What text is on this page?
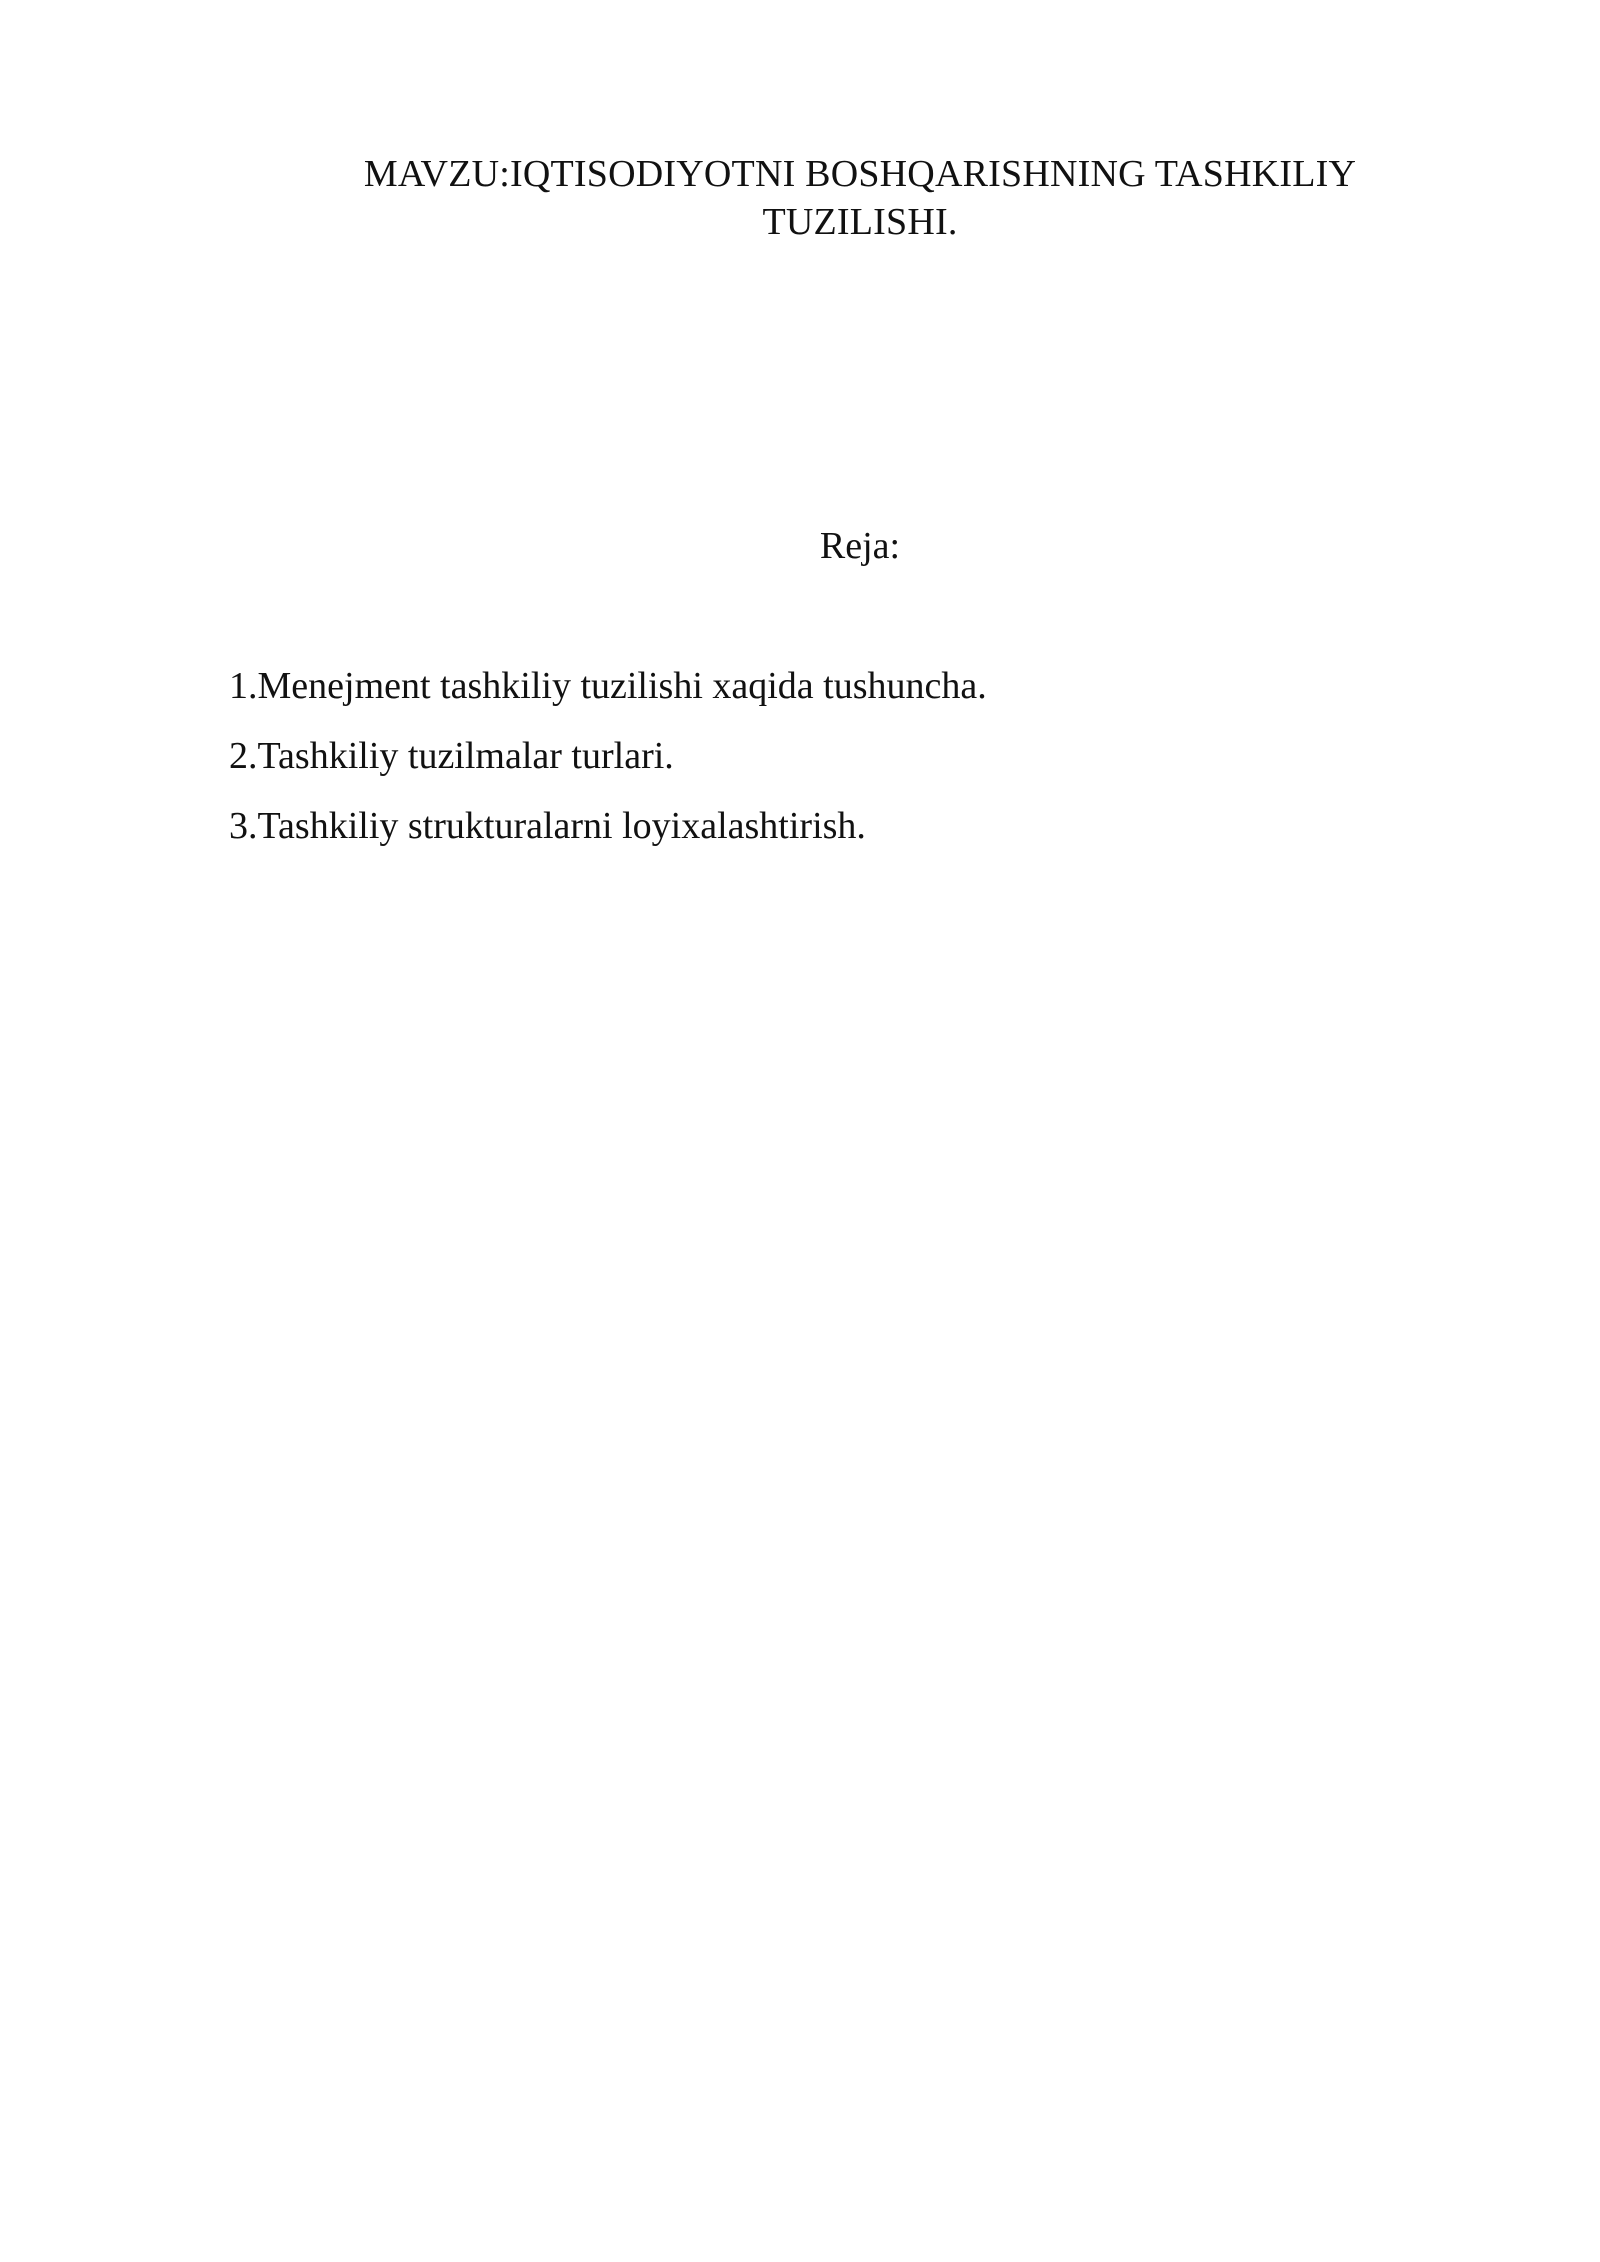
MAVZU:IQTISODIYOTNI BOSHQARISHNING TASHKILIY
TUZILISHI.
Reja:
1.Menejment tashkiliy tuzilishi xaqida tushuncha.
2.Tashkiliy tuzilmalar turlari.
3.Tashkiliy strukturalarni loyixalashtirish.
